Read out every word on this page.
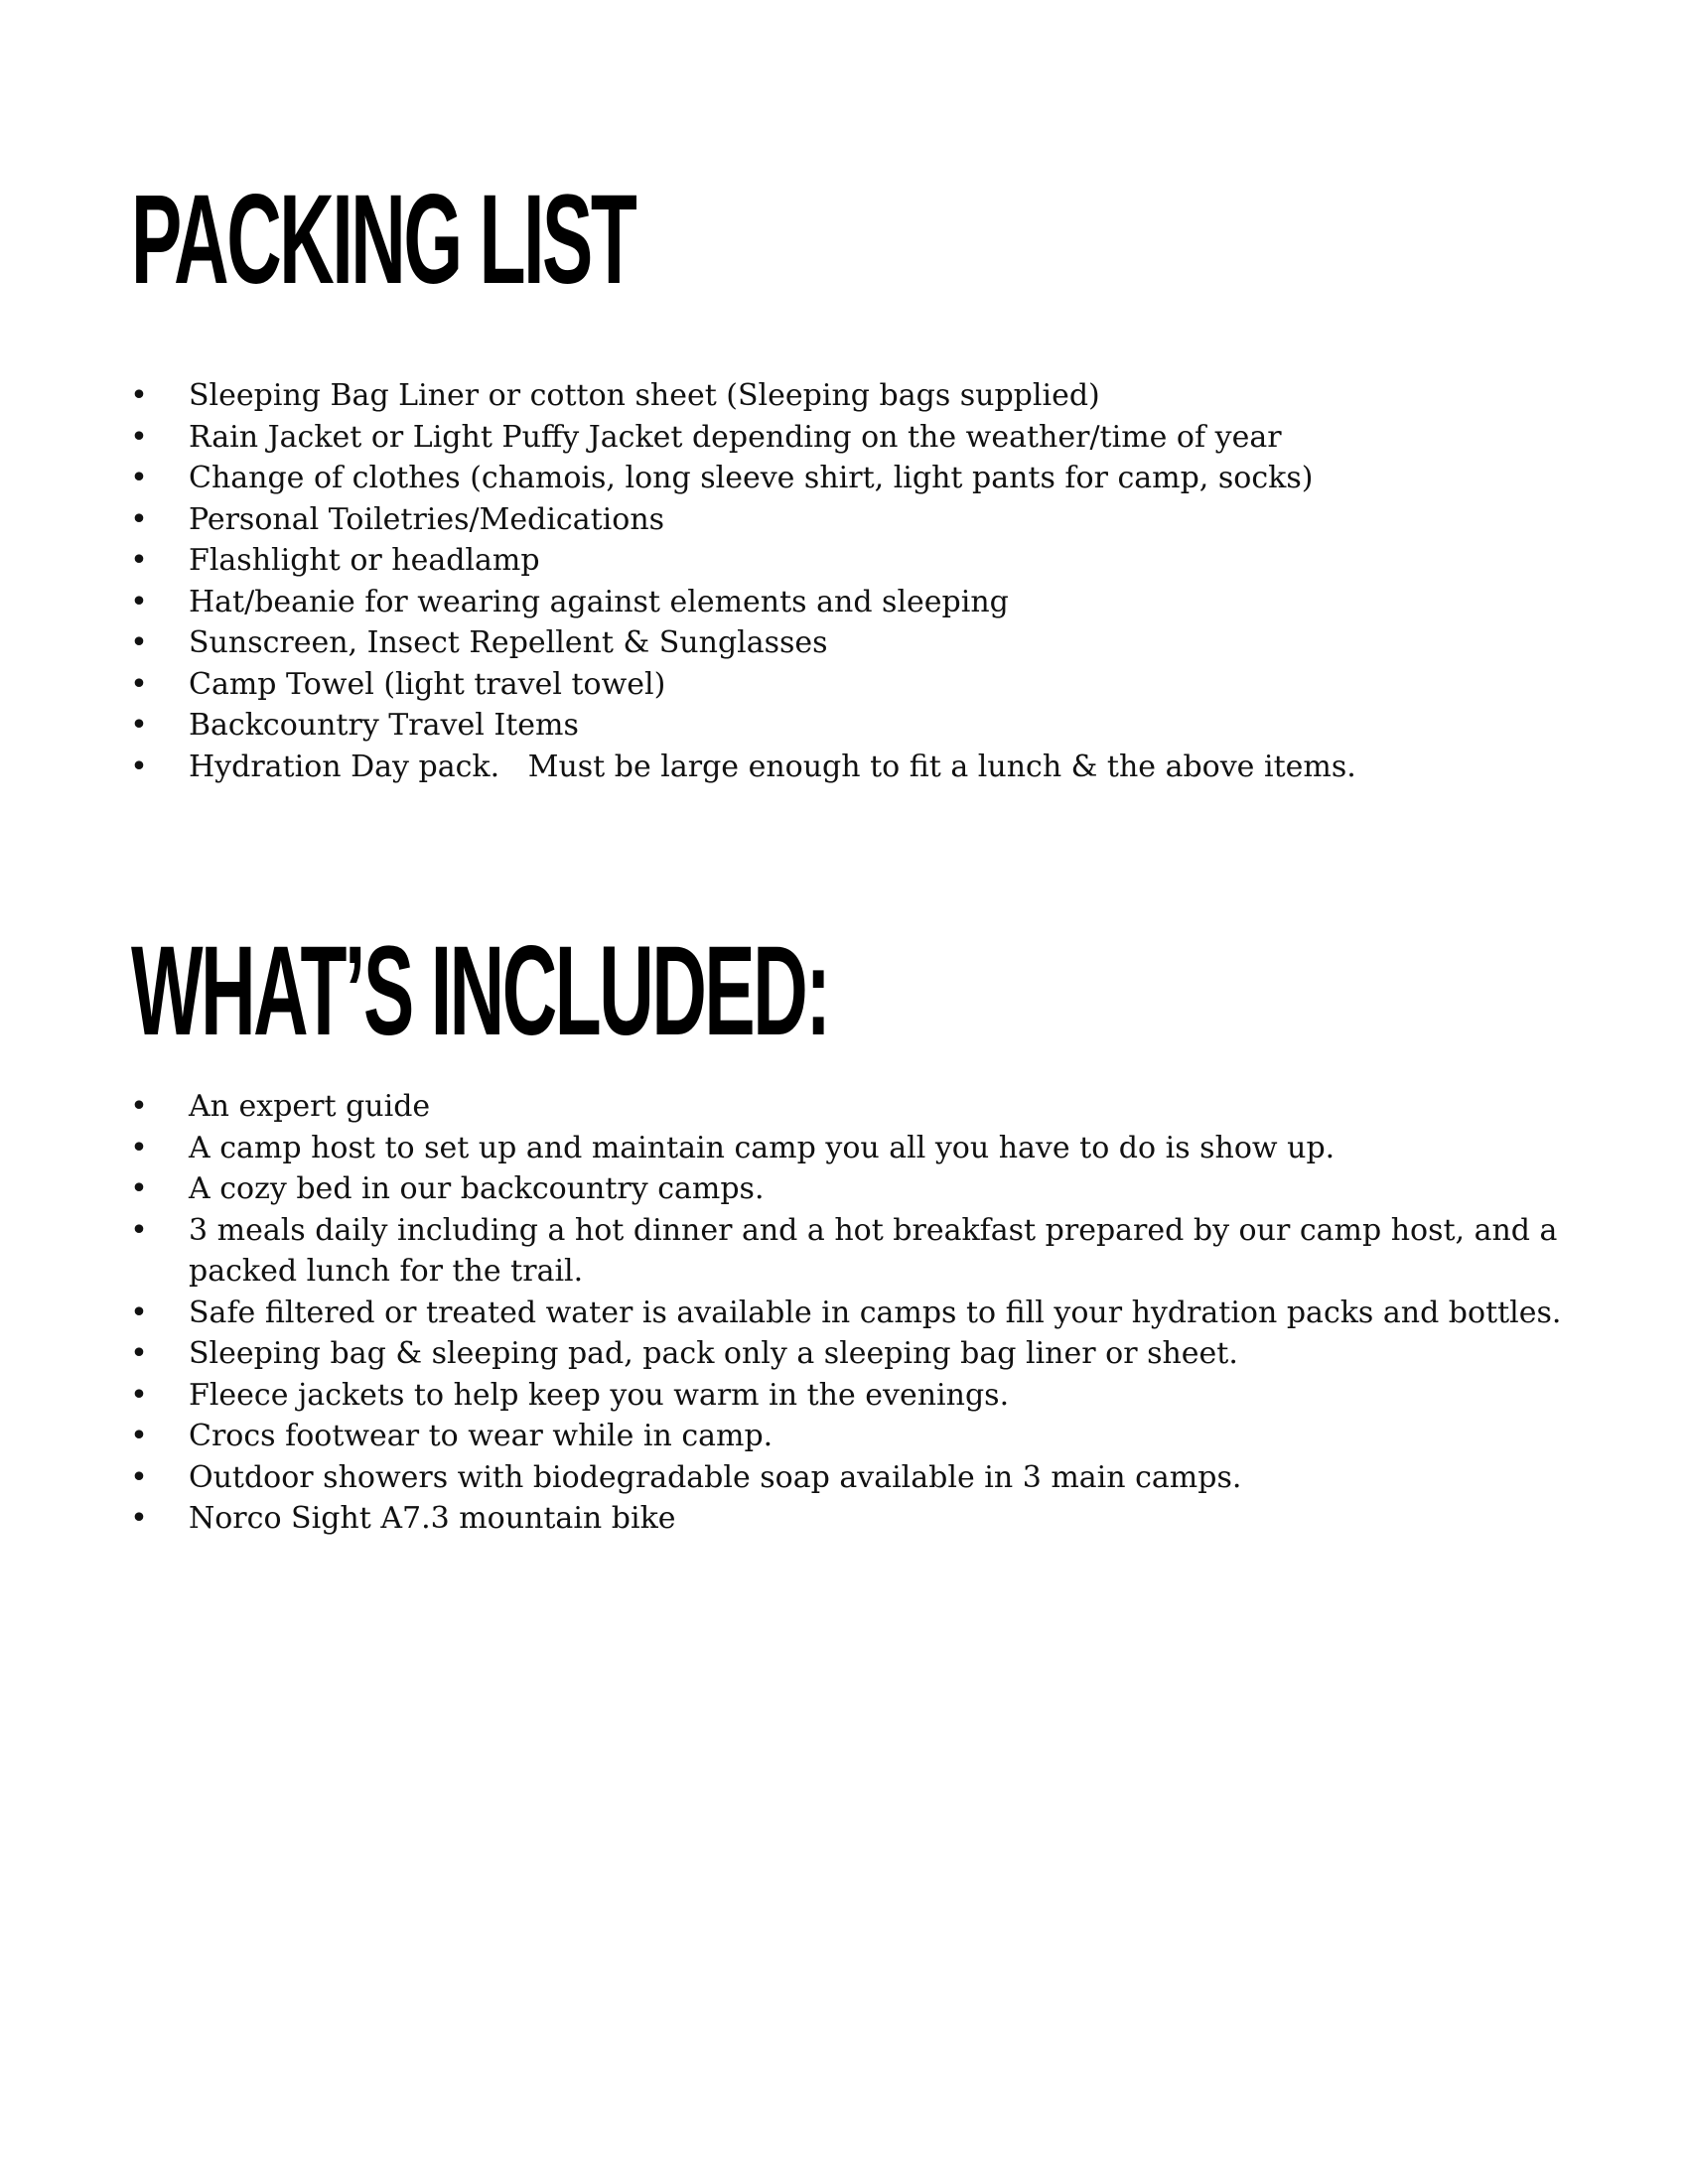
PACKING LIST
• Sleeping Bag Liner or cotton sheet (Sleeping bags supplied)
• Rain Jacket or Light Puffy Jacket depending on the weather/time of year
• Change of clothes (chamois, long sleeve shirt, light pants for camp, socks)
• Personal Toiletries/Medications
• Flashlight or headlamp
• Hat/beanie for wearing against elements and sleeping
• Sunscreen, Insect Repellent & Sunglasses
• Camp Towel (light travel towel)
• Backcountry Travel Items
• Hydration Day pack.   Must be large enough to fit a lunch & the above items.
WHAT’S INCLUDED:
• An expert guide
• A camp host to set up and maintain camp you all you have to do is show up.
• A cozy bed in our backcountry camps.
• 3 meals daily including a hot dinner and a hot breakfast prepared by our camp host, and a packed lunch for the trail.
• Safe filtered or treated water is available in camps to fill your hydration packs and bottles.
• Sleeping bag & sleeping pad, pack only a sleeping bag liner or sheet.
• Fleece jackets to help keep you warm in the evenings.
• Crocs footwear to wear while in camp.
• Outdoor showers with biodegradable soap available in 3 main camps.
• Norco Sight A7.3 mountain bike
